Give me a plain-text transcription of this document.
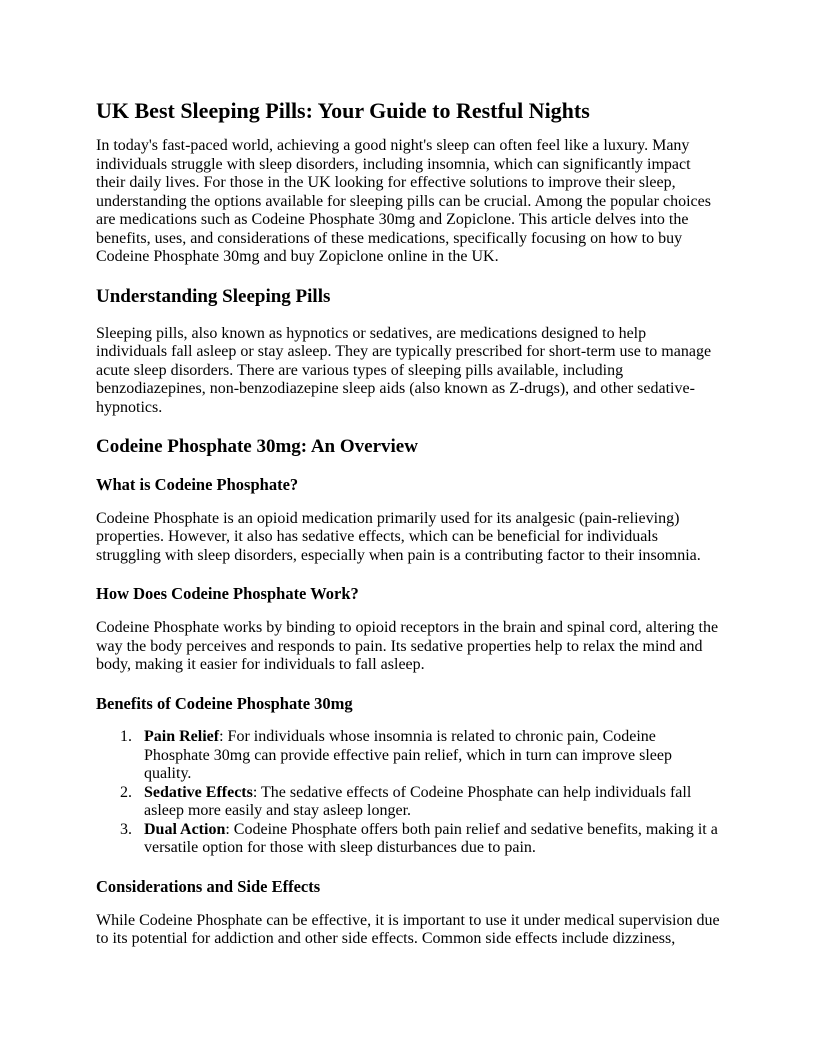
UK Best Sleeping Pills: Your Guide to Restful Nights

In today's fast-paced world, achieving a good night's sleep can often feel like a luxury. Many individuals struggle with sleep disorders, including insomnia, which can significantly impact their daily lives. For those in the UK looking for effective solutions to improve their sleep, understanding the options available for sleeping pills can be crucial. Among the popular choices are medications such as Codeine Phosphate 30mg and Zopiclone. This article delves into the benefits, uses, and considerations of these medications, specifically focusing on how to buy Codeine Phosphate 30mg and buy Zopiclone online in the UK.

Understanding Sleeping Pills

Sleeping pills, also known as hypnotics or sedatives, are medications designed to help individuals fall asleep or stay asleep. They are typically prescribed for short-term use to manage acute sleep disorders. There are various types of sleeping pills available, including benzodiazepines, non-benzodiazepine sleep aids (also known as Z-drugs), and other sedative-hypnotics.

Codeine Phosphate 30mg: An Overview
What is Codeine Phosphate?

Codeine Phosphate is an opioid medication primarily used for its analgesic (pain-relieving) properties. However, it also has sedative effects, which can be beneficial for individuals struggling with sleep disorders, especially when pain is a contributing factor to their insomnia.

How Does Codeine Phosphate Work?

Codeine Phosphate works by binding to opioid receptors in the brain and spinal cord, altering the way the body perceives and responds to pain. Its sedative properties help to relax the mind and body, making it easier for individuals to fall asleep.

Benefits of Codeine Phosphate 30mg
1. Pain Relief: For individuals whose insomnia is related to chronic pain, Codeine Phosphate 30mg can provide effective pain relief, which in turn can improve sleep quality.
2. Sedative Effects: The sedative effects of Codeine Phosphate can help individuals fall asleep more easily and stay asleep longer.
3. Dual Action: Codeine Phosphate offers both pain relief and sedative benefits, making it a versatile option for those with sleep disturbances due to pain.
Considerations and Side Effects

While Codeine Phosphate can be effective, it is important to use it under medical supervision due to its potential for addiction and other side effects. Common side effects include dizziness,
